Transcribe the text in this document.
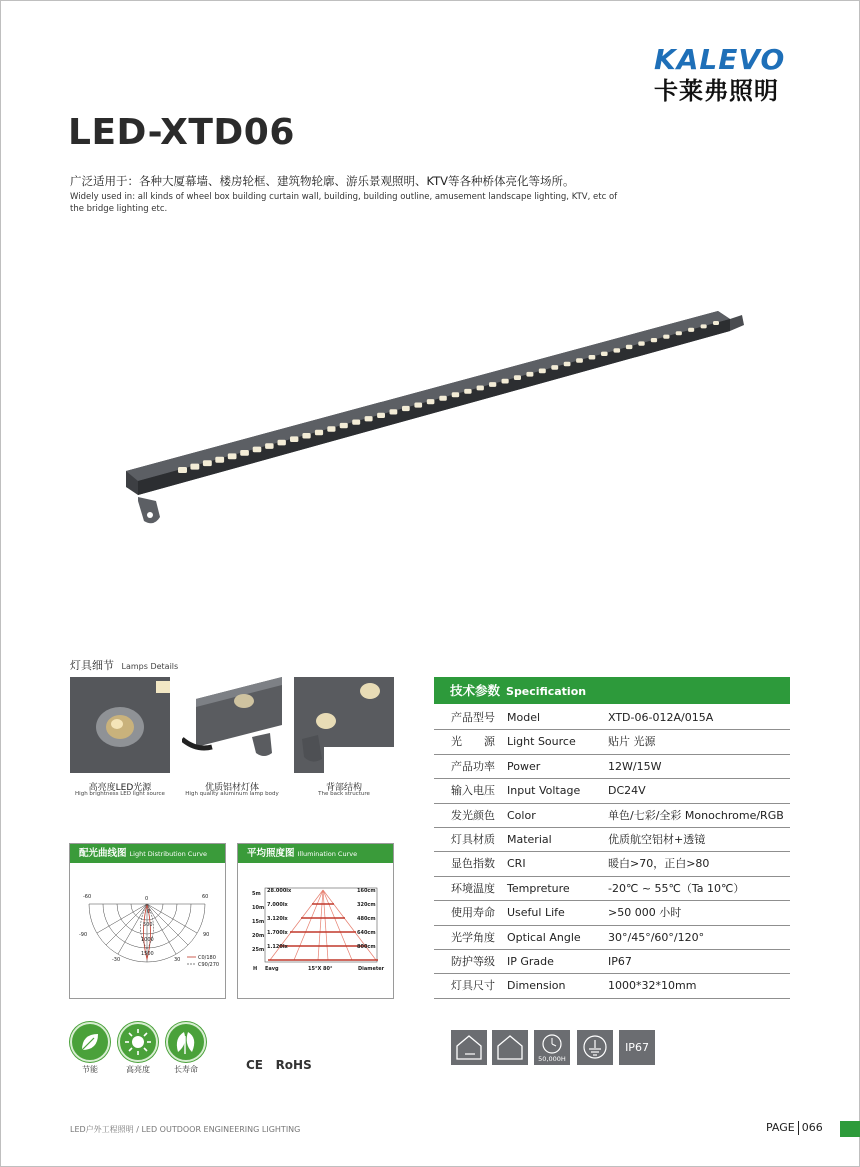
KALEVO
卡莱弗照明
LED-XTD06
广泛适用于：各种大厦幕墙、楼房轮框、建筑物轮廓、游乐景观照明、KTV等各种桥体亮化等场所。
Widely used in: all kinds of wheel box building curtain wall, building, building outline, amusement landscape lighting, KTV, etc of the bridge lighting etc.
灯具细节 Lamps Details
高亮度LED光源
High brightness LED light source
优质铝材灯体
High quality aluminum lamp body
背部结构
The back structure
配光曲线图 Light Distribution Curve
-60	60
-90	90
-30	30
0
500
1000
1500
0
C0/180
C90/270
平均照度图 Illumination Curve
5m 28.000lx	160cm
10m 7.000lx	320cm
15m 3.120lx	480cm
20m 1.700lx	640cm
25m 1.120lx	800cm
H Eavg	15°X 80°	Diameter
技术参数 Specification
产品型号	Model	XTD-06-012A/015A
光　　源	Light Source	贴片 光源
产品功率	Power	12W/15W
输入电压	Input Voltage	DC24V
发光颜色	Color	单色/七彩/全彩 Monochrome/RGB
灯具材质	Material	优质航空铝材+透镜
显色指数	CRI	暖白>70，正白>80
环境温度	Tempreture	-20℃ ~ 55℃（Ta 10℃）
使用寿命	Useful Life	>50 000 小时
光学角度	Optical Angle 30°/45°/60°/120°
防护等级	IP Grade	IP67
灯具尺寸	Dimension	1000*32*10mm
节能	高亮度	长寿命	CE RoHS	50,000H
IP67
LED户外工程照明 / LED OUTDOOR ENGINEERING LIGHTING	PAGE 066
